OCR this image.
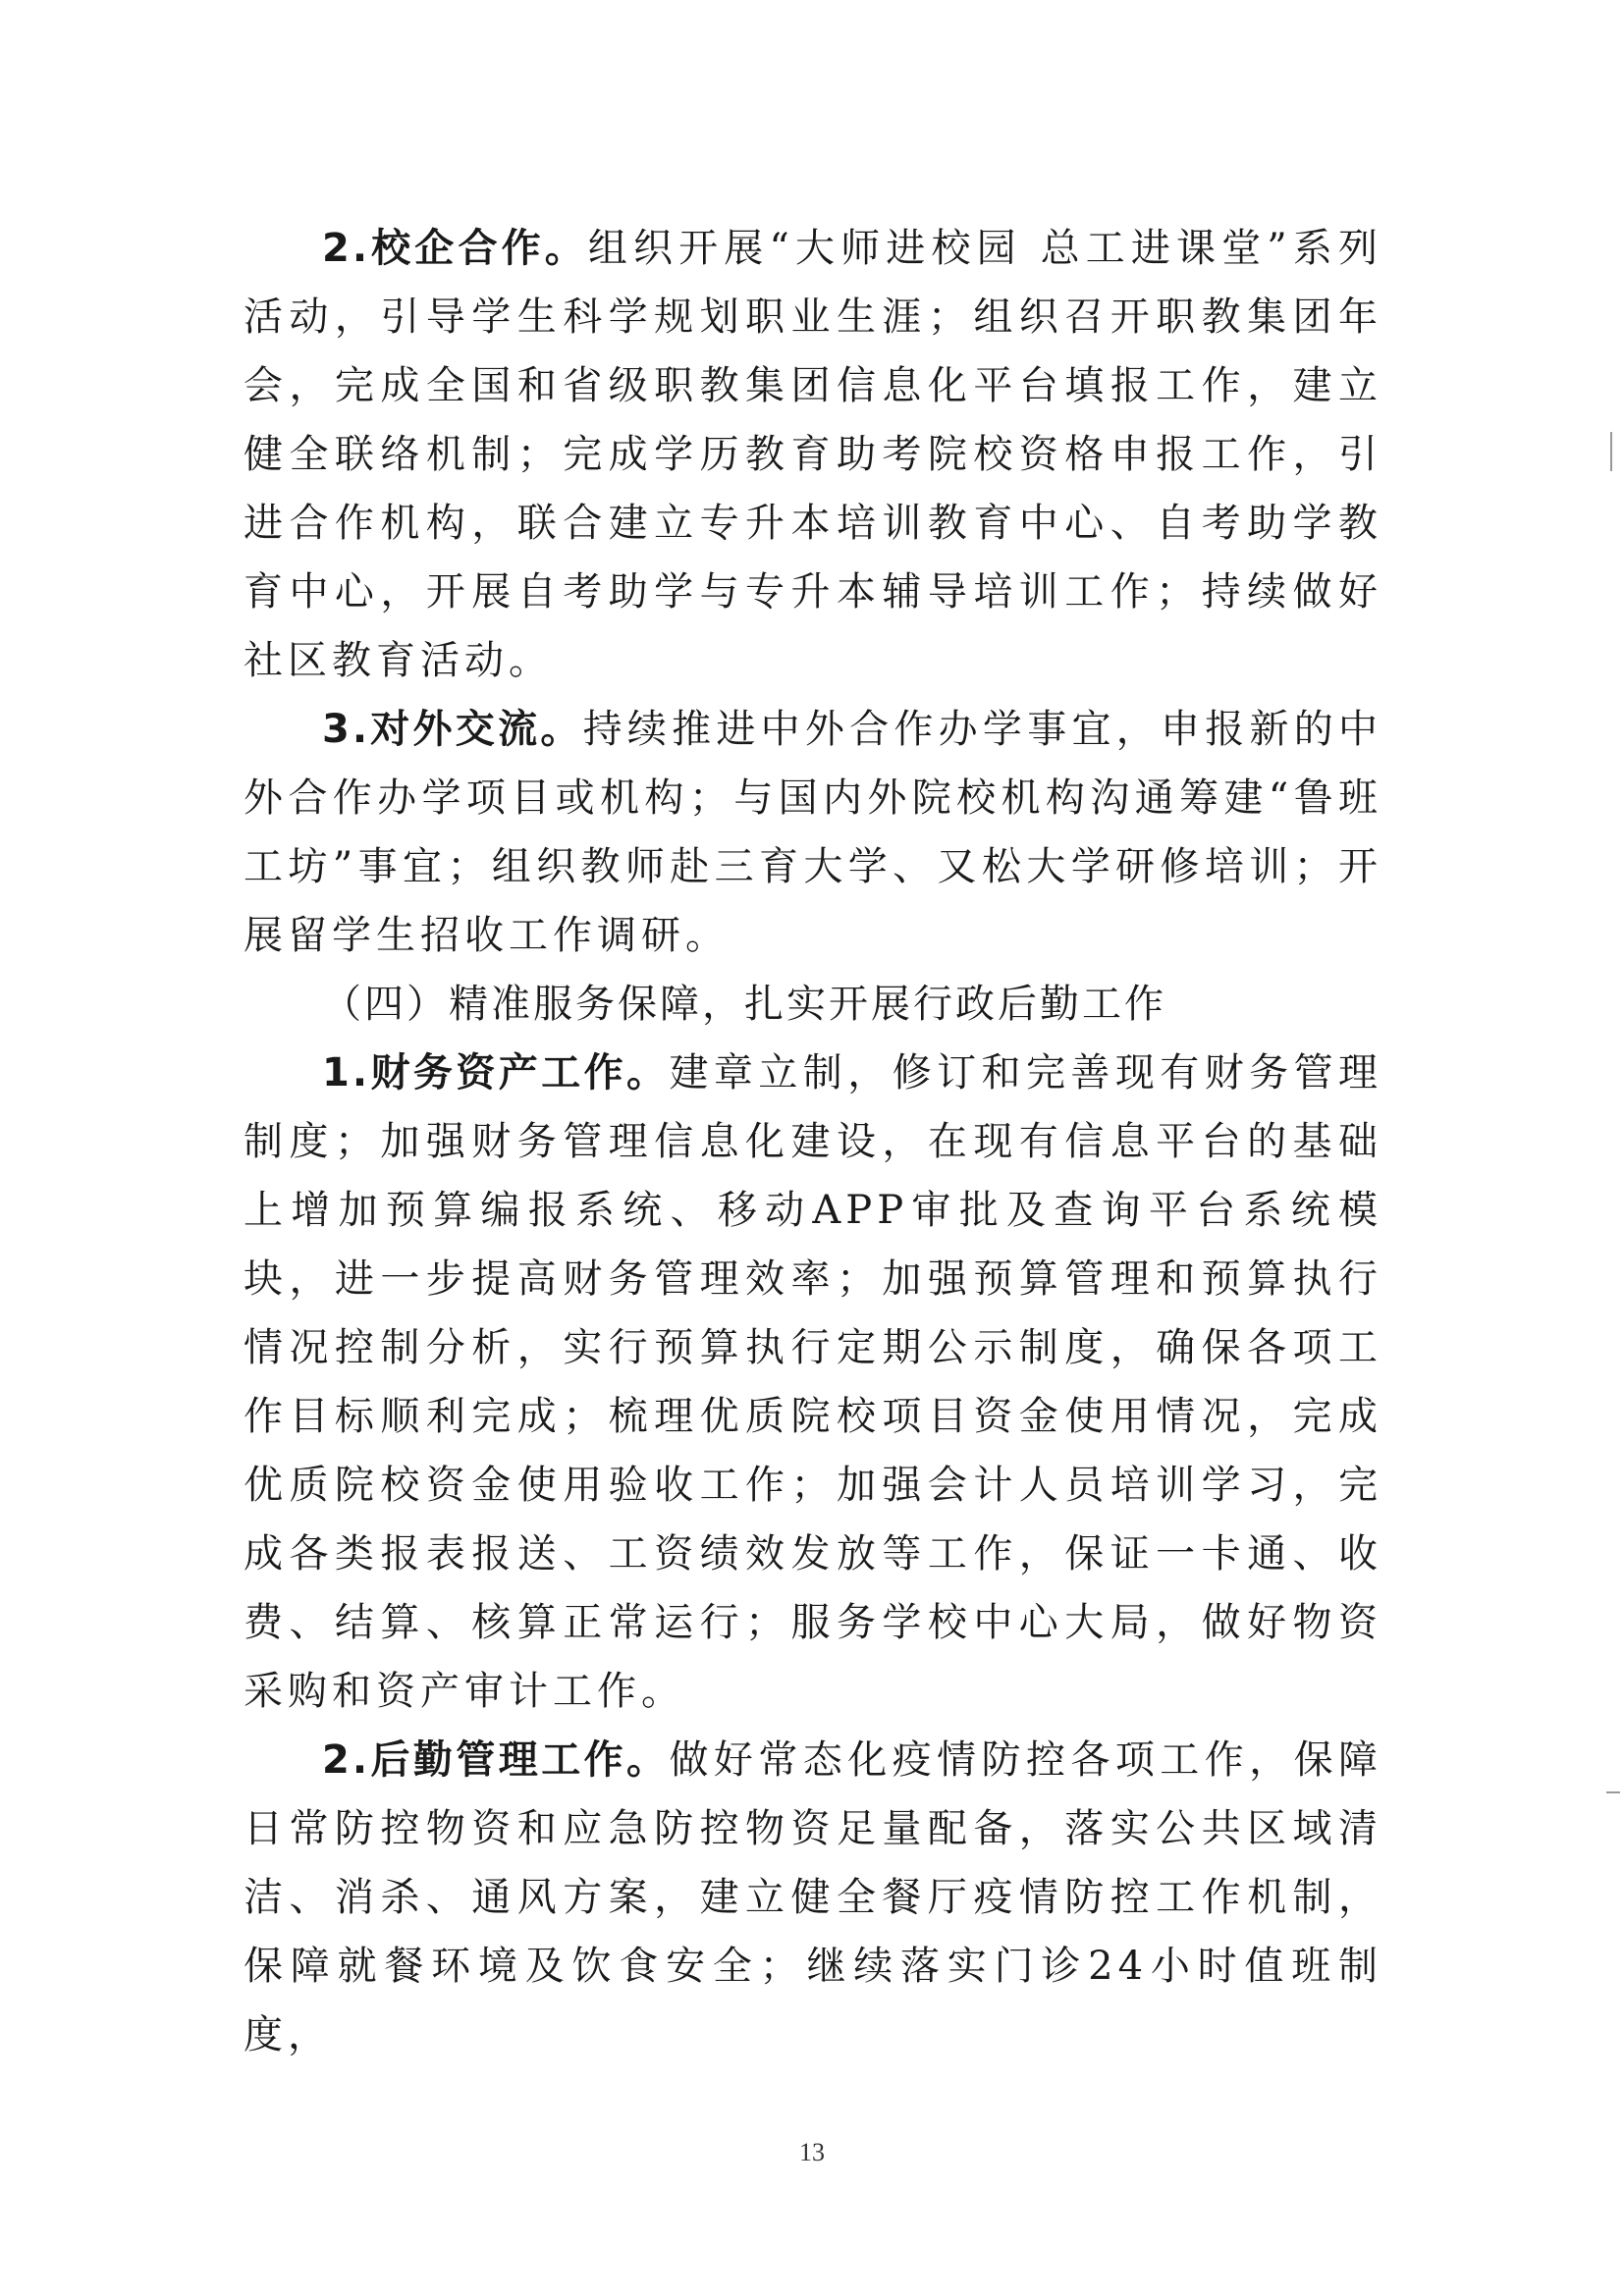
2.校企合作。组织开展“大师进校园 总工进课堂”系列活动，引导学生科学规划职业生涯；组织召开职教集团年会，完成全国和省级职教集团信息化平台填报工作，建立健全联络机制；完成学历教育助考院校资格申报工作，引进合作机构，联合建立专升本培训教育中心、自考助学教育中心，开展自考助学与专升本辅导培训工作；持续做好社区教育活动。

3.对外交流。持续推进中外合作办学事宜，申报新的中外合作办学项目或机构；与国内外院校机构沟通筹建“鲁班工坊”事宜；组织教师赴三育大学、又松大学研修培训；开展留学生招收工作调研。

（四）精准服务保障，扎实开展行政后勤工作

1.财务资产工作。建章立制，修订和完善现有财务管理制度；加强财务管理信息化建设，在现有信息平台的基础上增加预算编报系统、移动APP审批及查询平台系统模块，进一步提高财务管理效率；加强预算管理和预算执行情况控制分析，实行预算执行定期公示制度，确保各项工作目标顺利完成；梳理优质院校项目资金使用情况，完成优质院校资金使用验收工作；加强会计人员培训学习，完成各类报表报送、工资绩效发放等工作，保证一卡通、收费、结算、核算正常运行；服务学校中心大局，做好物资采购和资产审计工作。

2.后勤管理工作。做好常态化疫情防控各项工作，保障日常防控物资和应急防控物资足量配备，落实公共区域清洁、消杀、通风方案，建立健全餐厅疫情防控工作机制，保障就餐环境及饮食安全；继续落实门诊24小时值班制度，

13
